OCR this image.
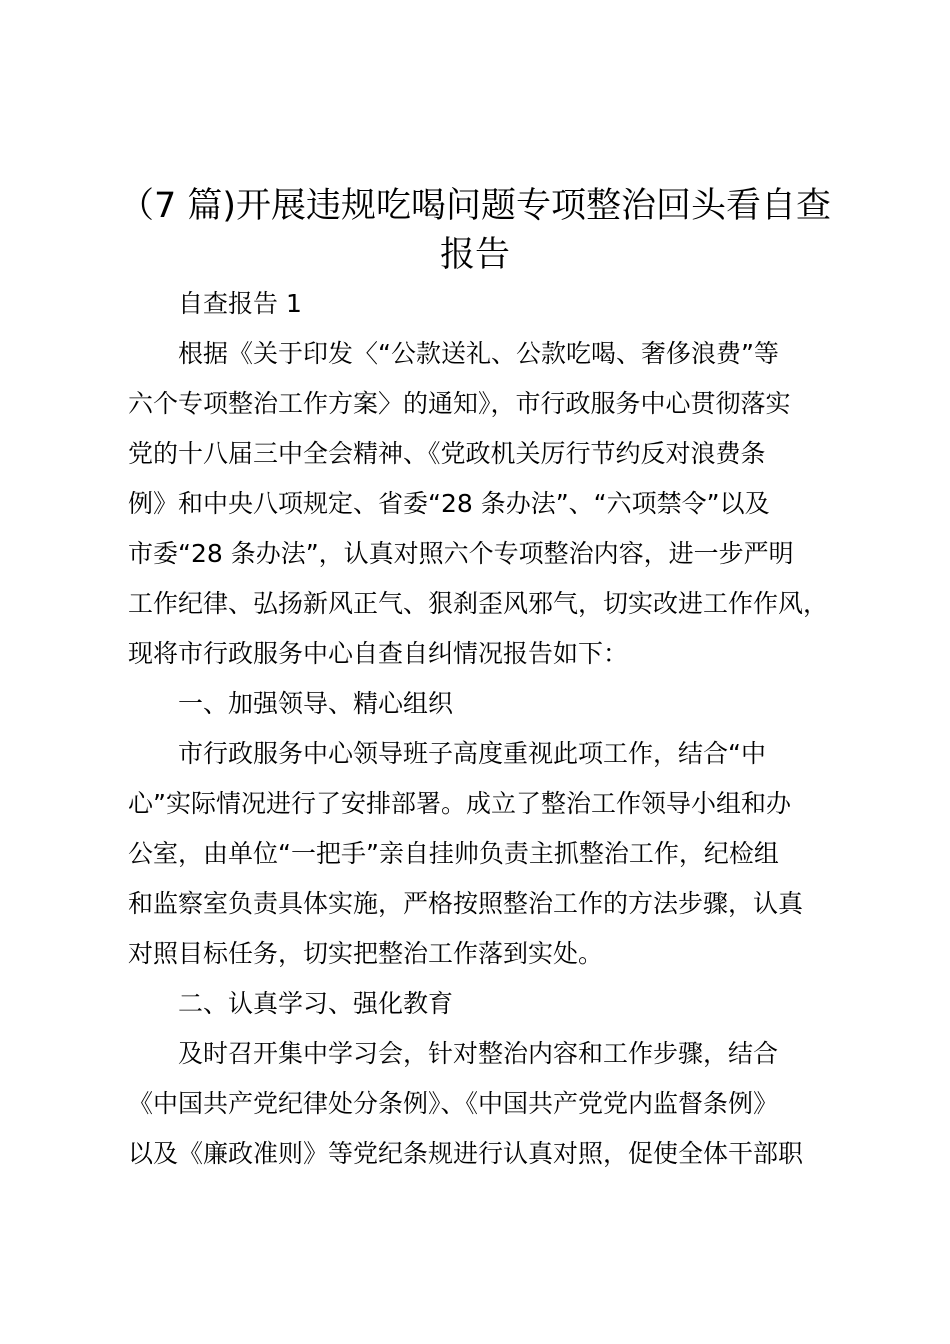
（7 篇)开展违规吃喝问题专项整治回头看自查
报告

自查报告 1

根据《关于印发〈“公款送礼、公款吃喝、奢侈浪费”等

六个专项整治工作方案〉的通知》，市行政服务中心贯彻落实

党的十八届三中全会精神、《党政机关厉行节约反对浪费条

例》和中央八项规定、省委“28 条办法”、“六项禁令”以及

市委“28 条办法”，认真对照六个专项整治内容，进一步严明

工作纪律、弘扬新风正气、狠刹歪风邪气，切实改进工作作风，

现将市行政服务中心自查自纠情况报告如下：

一、加强领导、精心组织

市行政服务中心领导班子高度重视此项工作，结合“中

心”实际情况进行了安排部署。成立了整治工作领导小组和办

公室，由单位“一把手”亲自挂帅负责主抓整治工作，纪检组

和监察室负责具体实施，严格按照整治工作的方法步骤，认真

对照目标任务，切实把整治工作落到实处。

二、认真学习、强化教育

及时召开集中学习会，针对整治内容和工作步骤，结合

《中国共产党纪律处分条例》、《中国共产党党内监督条例》

以及《廉政准则》等党纪条规进行认真对照，促使全体干部职
